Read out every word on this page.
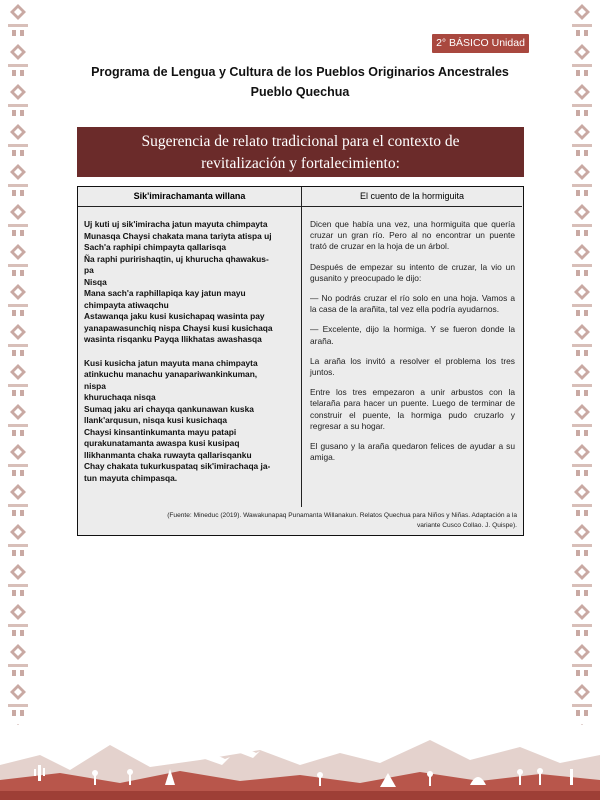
2° BÁSICO Unidad 2
Programa de Lengua y Cultura de los Pueblos Originarios Ancestrales
Pueblo Quechua
Sugerencia de relato tradicional para el contexto de
revitalización y fortalecimiento:
Sik'imirachamanta willana

Uj kuti uj sik'imiracha jatun mayuta chimpayta
Munasqa Chaysi chakata mana tariyta atispa uj
Sach'a raphipi chimpayta qallarisqa
Ña raphi puririshaqtin, uj khurucha qhawakus-
pa
Nisqa
Mana sach'a raphillapiqa kay jatun mayu
chimpayta atiwaqchu
Astawanqa jaku kusi kusichapaq wasinta pay
yanapawasunchiq nispa Chaysi kusi kusichaqa
wasinta risqanku Payqa llikhatas awashasqa

Kusi kusicha jatun mayuta mana chimpayta
atinkuchu manachu yanapariwankinkuman,
nispa
khuruchaqa nisqa
Sumaq jaku ari chayqa qankunawan kuska
llank'arqusun, nisqa kusi kusichaqa
Chaysi kinsantinkumanta mayu patapi
qurakunatamanta awaspa kusi kusipaq
llikhanmanta chaka ruwayta qallarisqanku
Chay chakata tukurkuspataq sik'imirachaqa ja-
tun mayuta chimpasqa.

El cuento de la hormiguita

Dicen que había una vez, una hormiguita que quería cruzar un gran río. Pero al no encontrar un puente trató de cruzar en la hoja de un árbol.

Después de empezar su intento de cruzar, la vio un gusanito y preocupado le dijo:

— No podrás cruzar el río solo en una hoja. Vamos a la casa de la arañita, tal vez ella podría ayudarnos.

— Excelente, dijo la hormiga. Y se fueron donde la araña.

La araña los invitó a resolver el problema los tres juntos.

Entre los tres empezaron a unir arbustos con la telaraña para hacer un puente. Luego de terminar de construir el puente, la hormiga pudo cruzarlo y regresar a su hogar.

El gusano y la araña quedaron felices de ayudar a su amiga.

(Fuente: Mineduc (2019). Wawakunapaq Punamanta Willanakun. Relatos Quechua para Niños y Niñas. Adaptación a la
variante Cusco Collao. J. Quispe).
